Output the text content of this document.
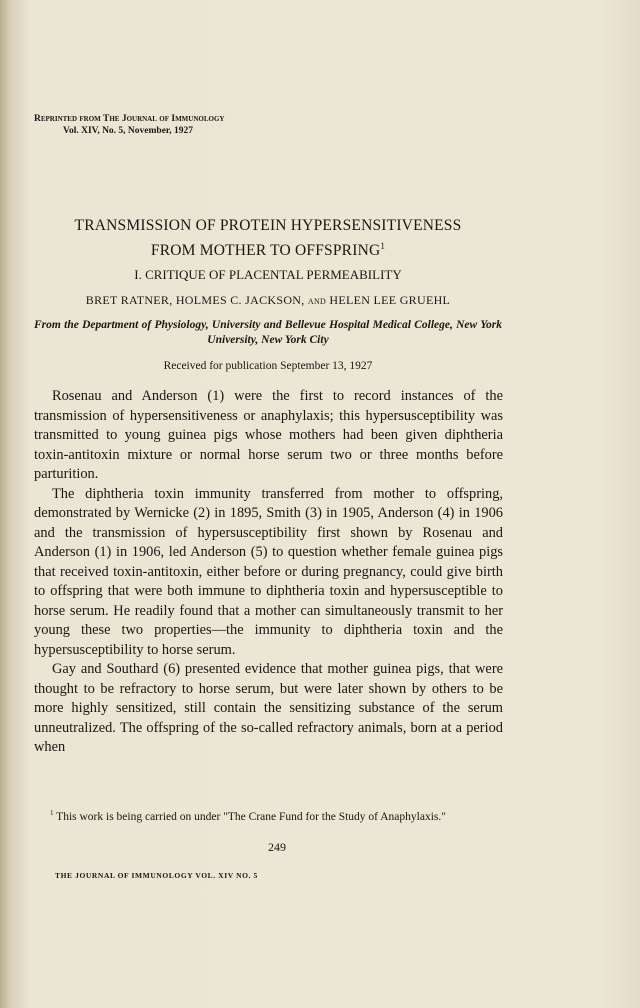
Reprinted from The Journal of Immunology
Vol. XIV, No. 5, November, 1927
TRANSMISSION OF PROTEIN HYPERSENSITIVENESS
FROM MOTHER TO OFFSPRING$^1$
I. CRITIQUE OF PLACENTAL PERMEABILITY
BRET RATNER, HOLMES C. JACKSON, and HELEN LEE GRUEHL
From the Department of Physiology, University and Bellevue Hospital Medical College, New York University, New York City
Received for publication September 13, 1927

Rosenau and Anderson (1) were the first to record instances of the transmission of hypersensitiveness or anaphylaxis; this hypersusceptibility was transmitted to young guinea pigs whose mothers had been given diphtheria toxin-antitoxin mixture or normal horse serum two or three months before parturition.

The diphtheria toxin immunity transferred from mother to offspring, demonstrated by Wernicke (2) in 1895, Smith (3) in 1905, Anderson (4) in 1906 and the transmission of hypersusceptibility first shown by Rosenau and Anderson (1) in 1906, led Anderson (5) to question whether female guinea pigs that received toxin-antitoxin, either before or during pregnancy, could give birth to offspring that were both immune to diphtheria toxin and hypersusceptible to horse serum. He readily found that a mother can simultaneously transmit to her young these two properties—the immunity to diphtheria toxin and the hypersusceptibility to horse serum.

Gay and Southard (6) presented evidence that mother guinea pigs, that were thought to be refractory to horse serum, but were later shown by others to be more highly sensitized, still contain the sensitizing substance of the serum unneutralized. The offspring of the so-called refractory animals, born at a period when

$^1$ This work is being carried on under "The Crane Fund for the Study of Anaphylaxis."
249
THE JOURNAL OF IMMUNOLOGY VOL. XIV NO. 5
